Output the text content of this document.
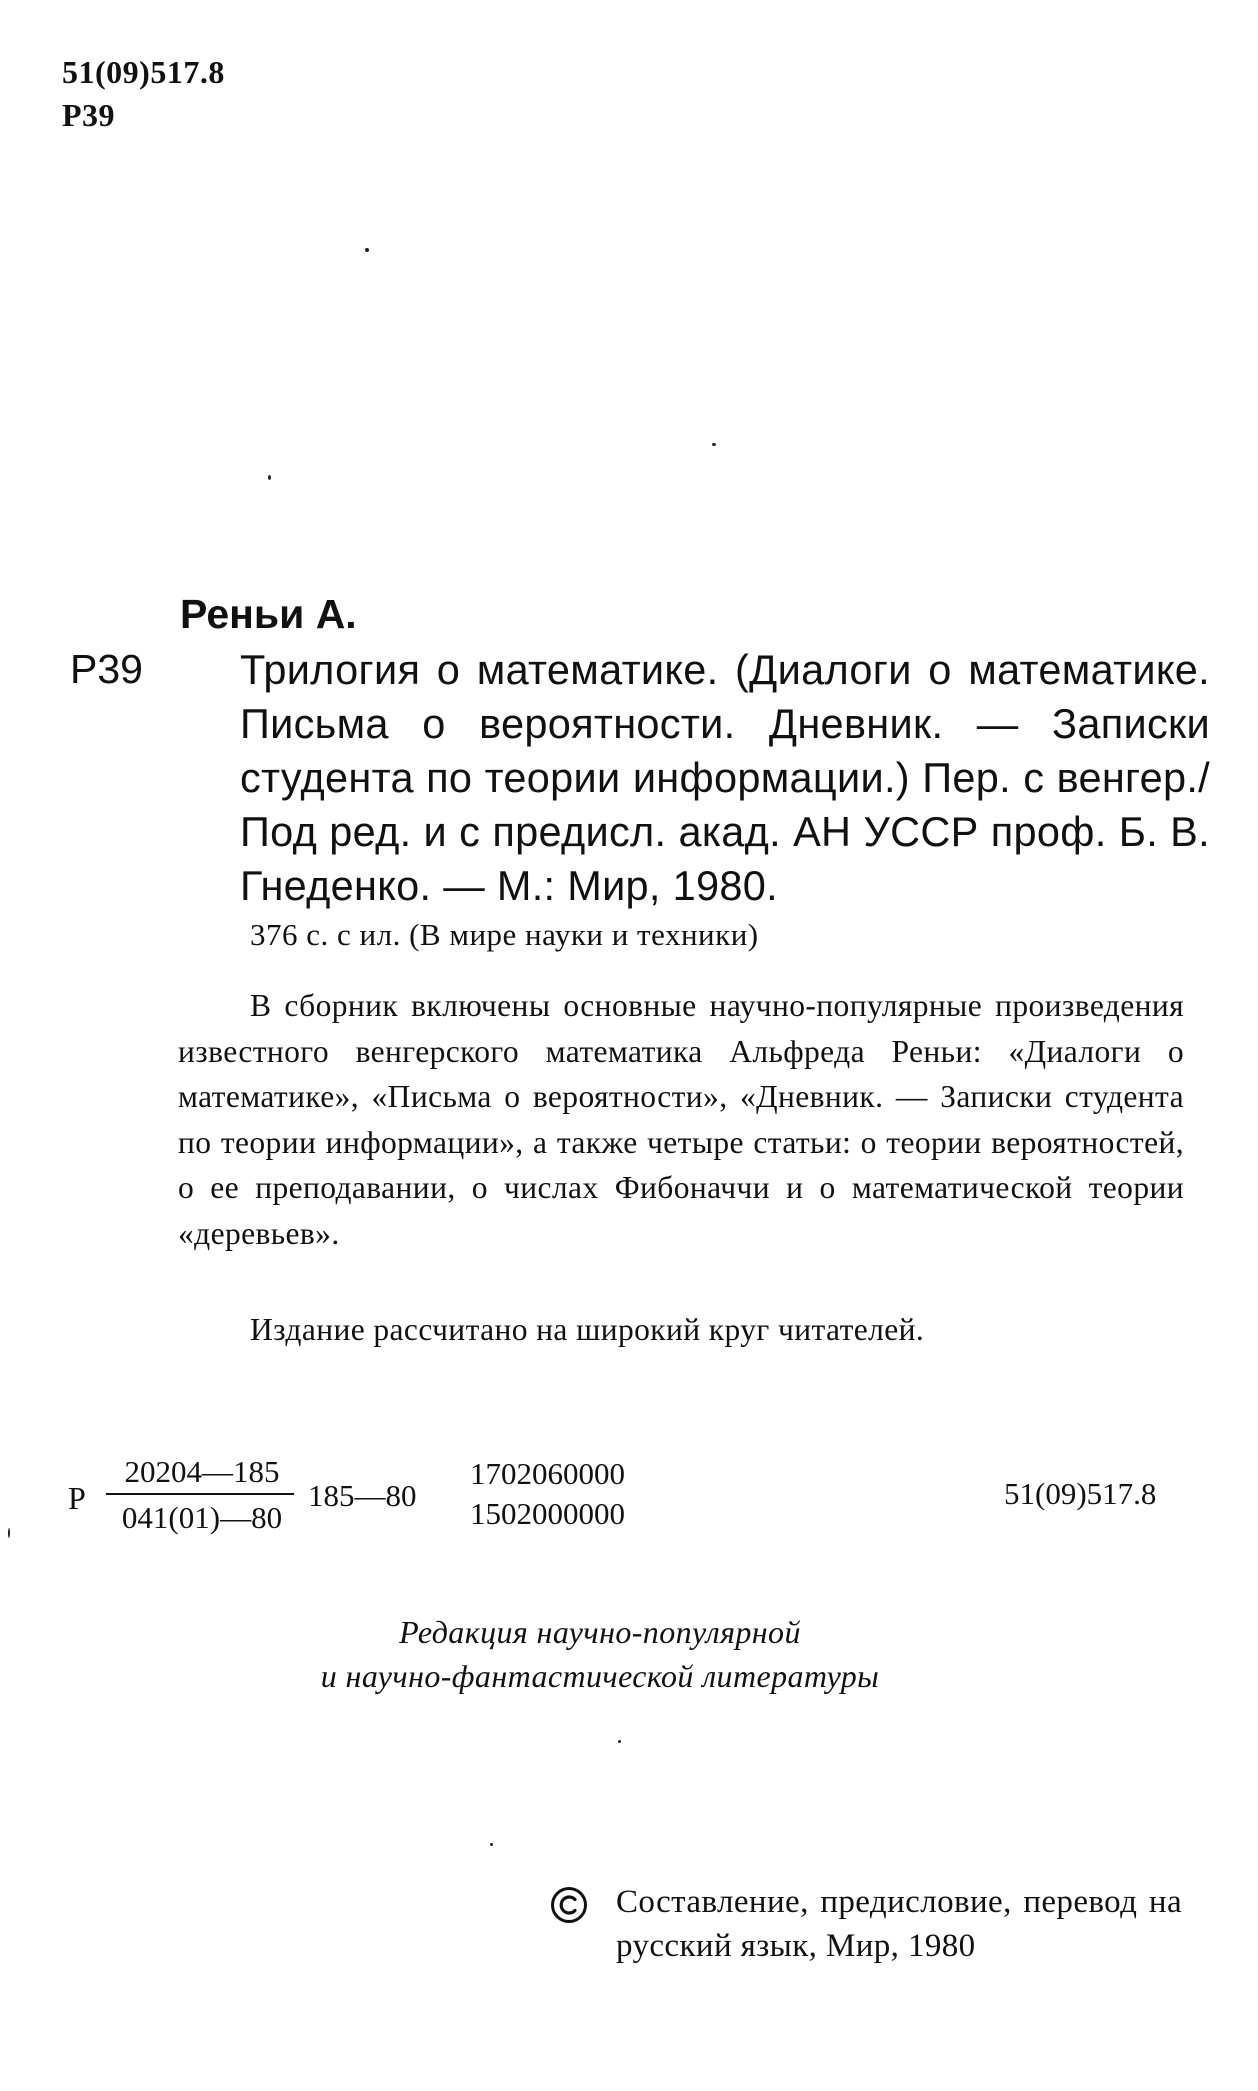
51(09)517.8
Р39
Реньи А.
Р39 Трилогия о математике. (Диалоги о математике. Письма о вероятности. Дневник. — Записки студента по теории информации.) Пер. с венгер./Под ред. и с предисл. акад. АН УССР проф. Б. В. Гнеденко. — М.: Мир, 1980.

376 с. с ил. (В мире науки и техники)

В сборник включены основные научно-популярные произведения известного венгерского математика Альфреда Реньи: «Диалоги о математике», «Письма о вероятности», «Дневник. — Записки студента по теории информации», а также четыре статьи: о теории вероятностей, о ее преподавании, о числах Фибоначчи и о математической теории «деревьев».

Издание рассчитано на широкий круг читателей.
Р
20204—185
041(01)—80
185—80
1702060000
1502000000
51(09)517.8
Редакция научно-популярной
и научно-фантастической литературы

Составление, предисловие, перевод на русский язык, Мир, 1980
